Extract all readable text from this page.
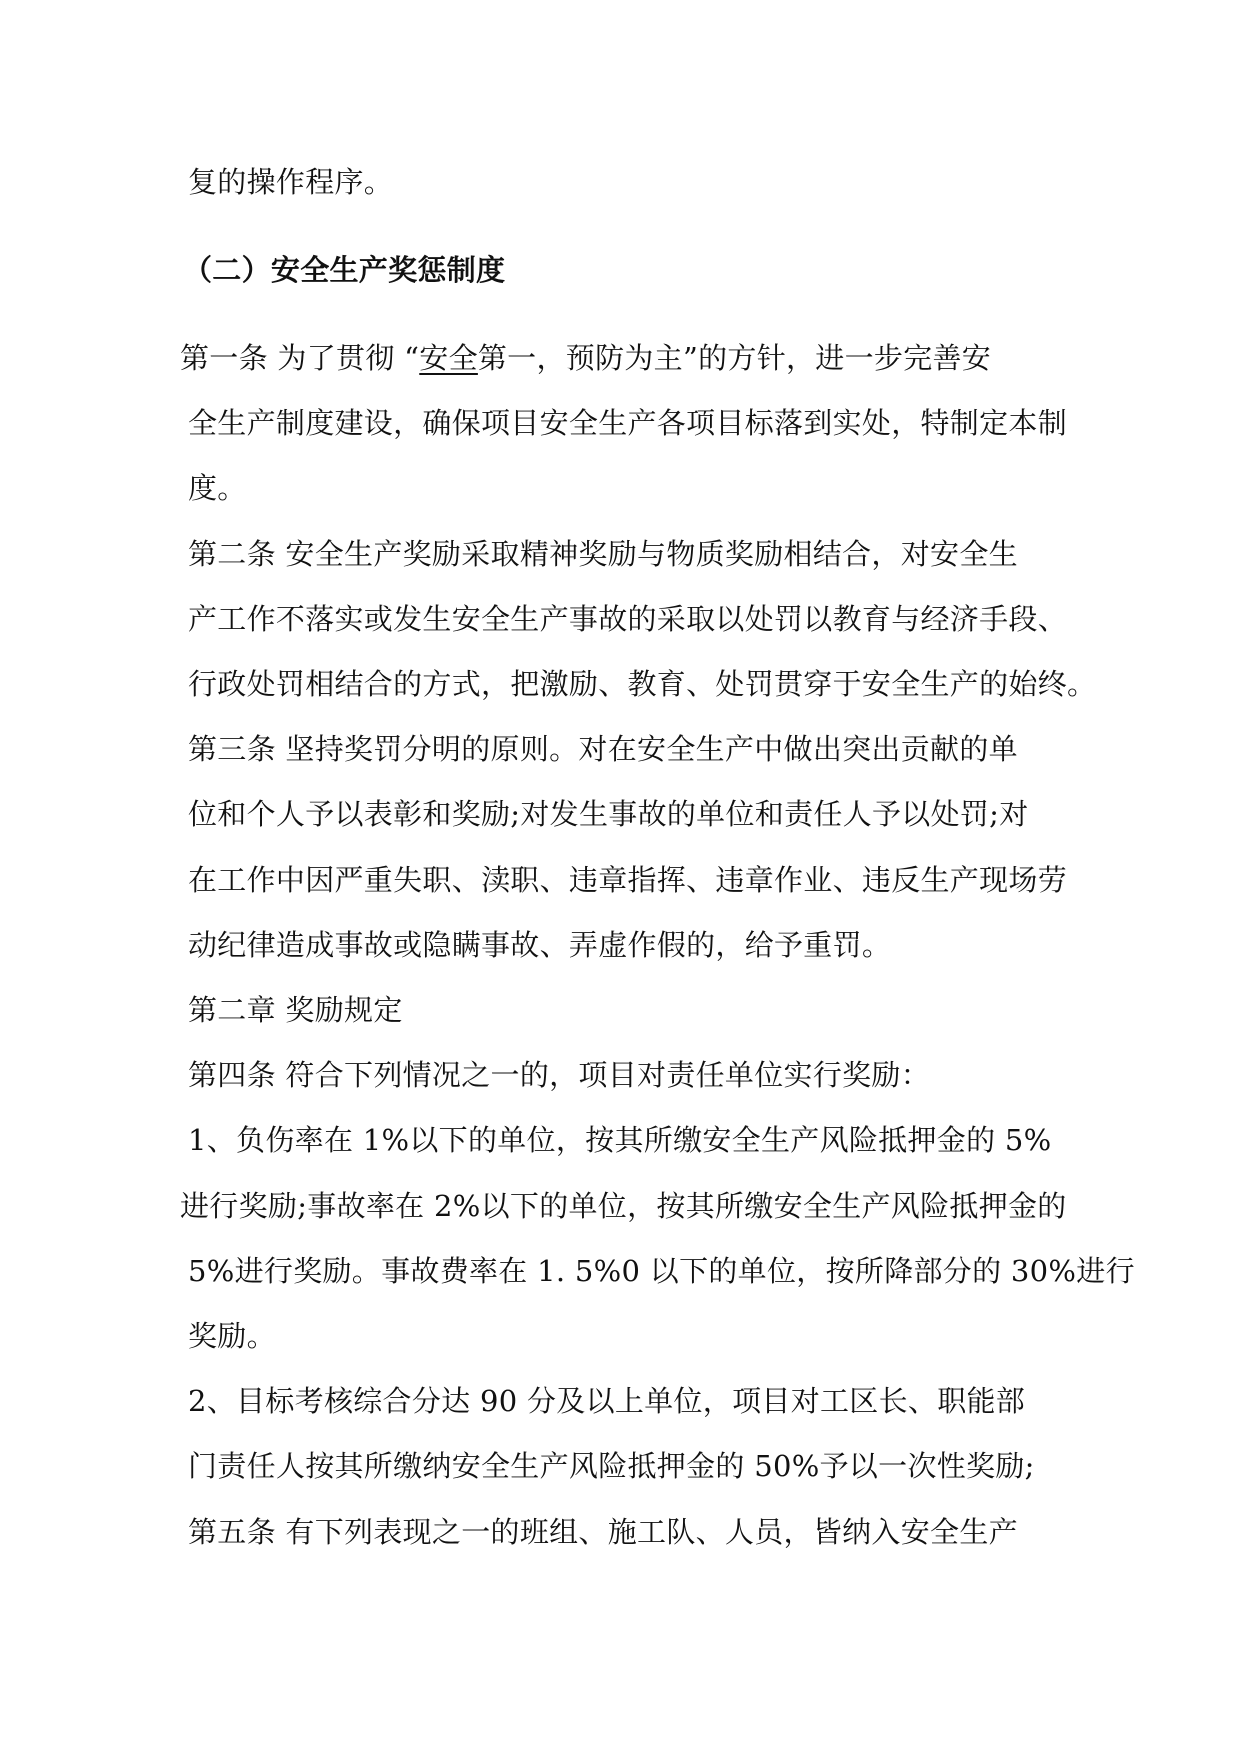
复的操作程序。
（二）安全生产奖惩制度
第一条 为了贯彻 “安全第一，预防为主”的方针，进一步完善安
全生产制度建设，确保项目安全生产各项目标落到实处，特制定本制
度。
第二条 安全生产奖励采取精神奖励与物质奖励相结合，对安全生
产工作不落实或发生安全生产事故的采取以处罚以教育与经济手段、
行政处罚相结合的方式，把激励、教育、处罚贯穿于安全生产的始终。
第三条 坚持奖罚分明的原则。对在安全生产中做出突出贡献的单
位和个人予以表彰和奖励;对发生事故的单位和责任人予以处罚;对
在工作中因严重失职、渎职、违章指挥、违章作业、违反生产现场劳
动纪律造成事故或隐瞒事故、弄虚作假的，给予重罚。
第二章 奖励规定
第四条 符合下列情况之一的，项目对责任单位实行奖励：
1、负伤率在 1%以下的单位，按其所缴安全生产风险抵押金的 5%
进行奖励;事故率在 2%以下的单位，按其所缴安全生产风险抵押金的
5%进行奖励。事故费率在 1. 5%0 以下的单位，按所降部分的 30%进行
奖励。
2、目标考核综合分达 90 分及以上单位，项目对工区长、职能部
门责任人按其所缴纳安全生产风险抵押金的 50%予以一次性奖励;
第五条 有下列表现之一的班组、施工队、人员，皆纳入安全生产
